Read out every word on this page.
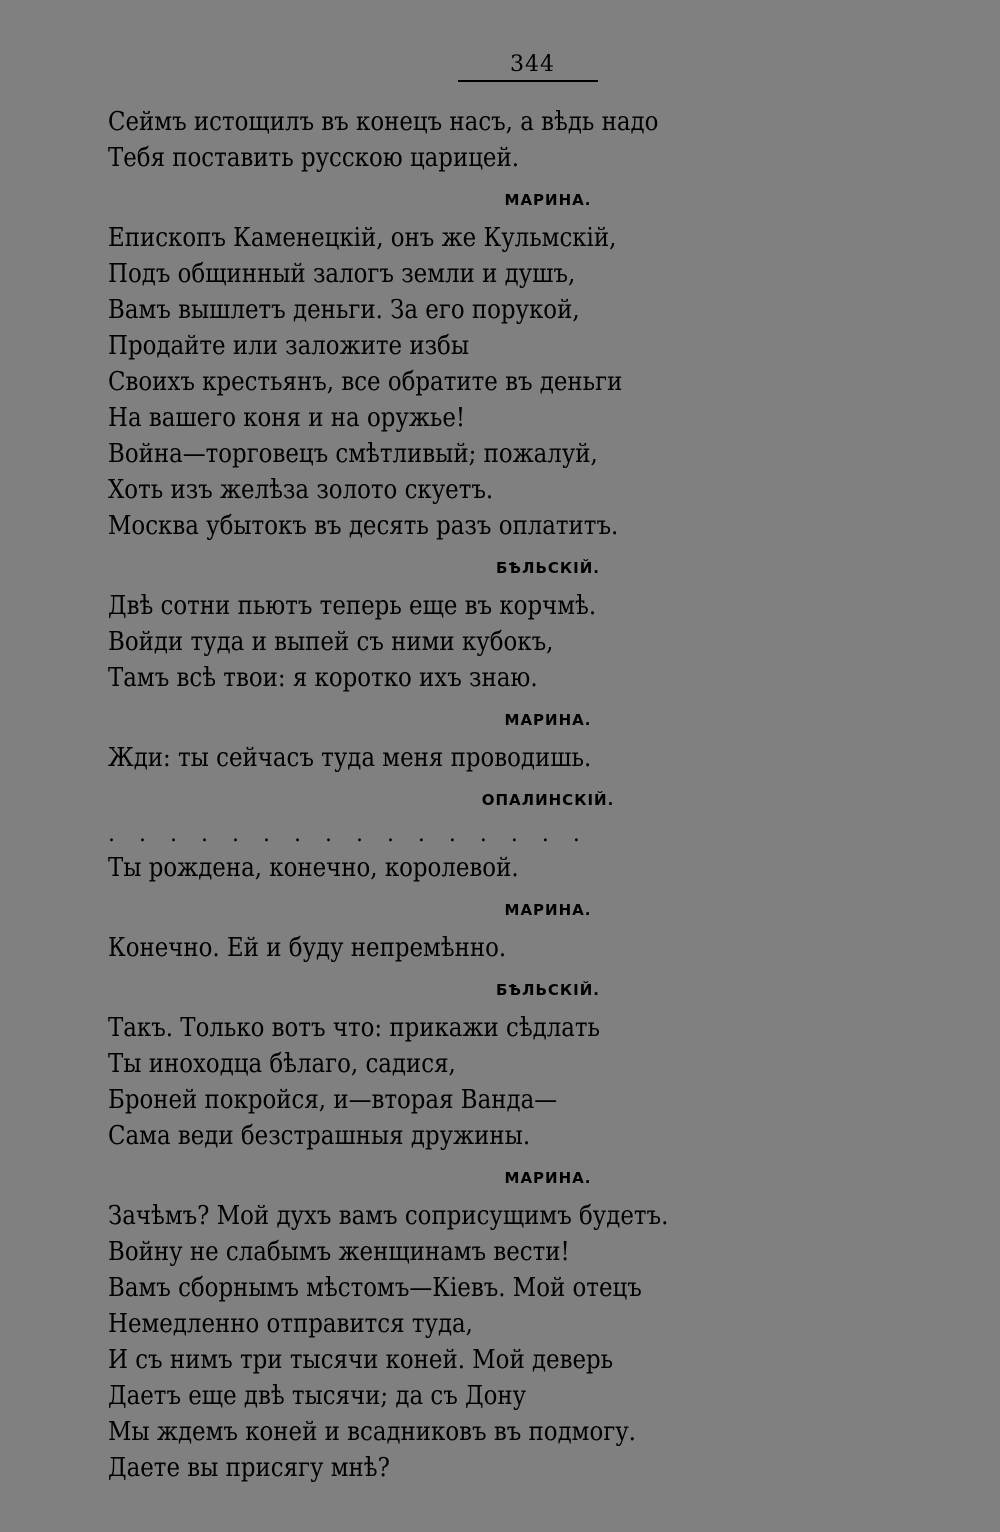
344
Сеймъ истощилъ въ конецъ насъ, а вѣдь надо
Тебя поставить русскою царицей.
МАРИНА.
Епископъ Каменецкій, онъ же Кульмскій,
Подъ общинный залогъ земли и душъ,
Вамъ вышлетъ деньги. За его порукой,
Продайте или заложите избы
Своихъ крестьянъ, все обратите въ деньги
На вашего коня и на оружье!
Война—торговецъ смѣтливый; пожалуй,
Хоть изъ желѣза золото скуетъ.
Москва убытокъ въ десять разъ оплатитъ.
БѢЛЬСКІЙ.
Двѣ сотни пьютъ теперь еще въ корчмѣ.
Войди туда и выпей съ ними кубокъ,
Тамъ всѣ твои: я коротко ихъ знаю.
МАРИНА.
Жди: ты сейчасъ туда меня проводишь.
ОПАЛИНСКІЙ.
................
Ты рождена, конечно, королевой.
МАРИНА.
Конечно. Ей и буду непремѣнно.
БѢЛЬСКІЙ.
Такъ. Только вотъ что: прикажи сѣдлать
Ты иноходца бѣлаго, садися,
Броней покройся, и—вторая Ванда—
Сама веди безстрашныя дружины.
МАРИНА.
Зачѣмъ? Мой духъ вамъ соприсущимъ будетъ.
Войну не слабымъ женщинамъ вести!
Вамъ сборнымъ мѣстомъ—Кіевъ. Мой отецъ
Немедленно отправится туда,
И съ нимъ три тысячи коней. Мой деверь
Даетъ еще двѣ тысячи; да съ Дону
Мы ждемъ коней и всадниковъ въ подмогу.
Даете вы присягу мнѣ?
